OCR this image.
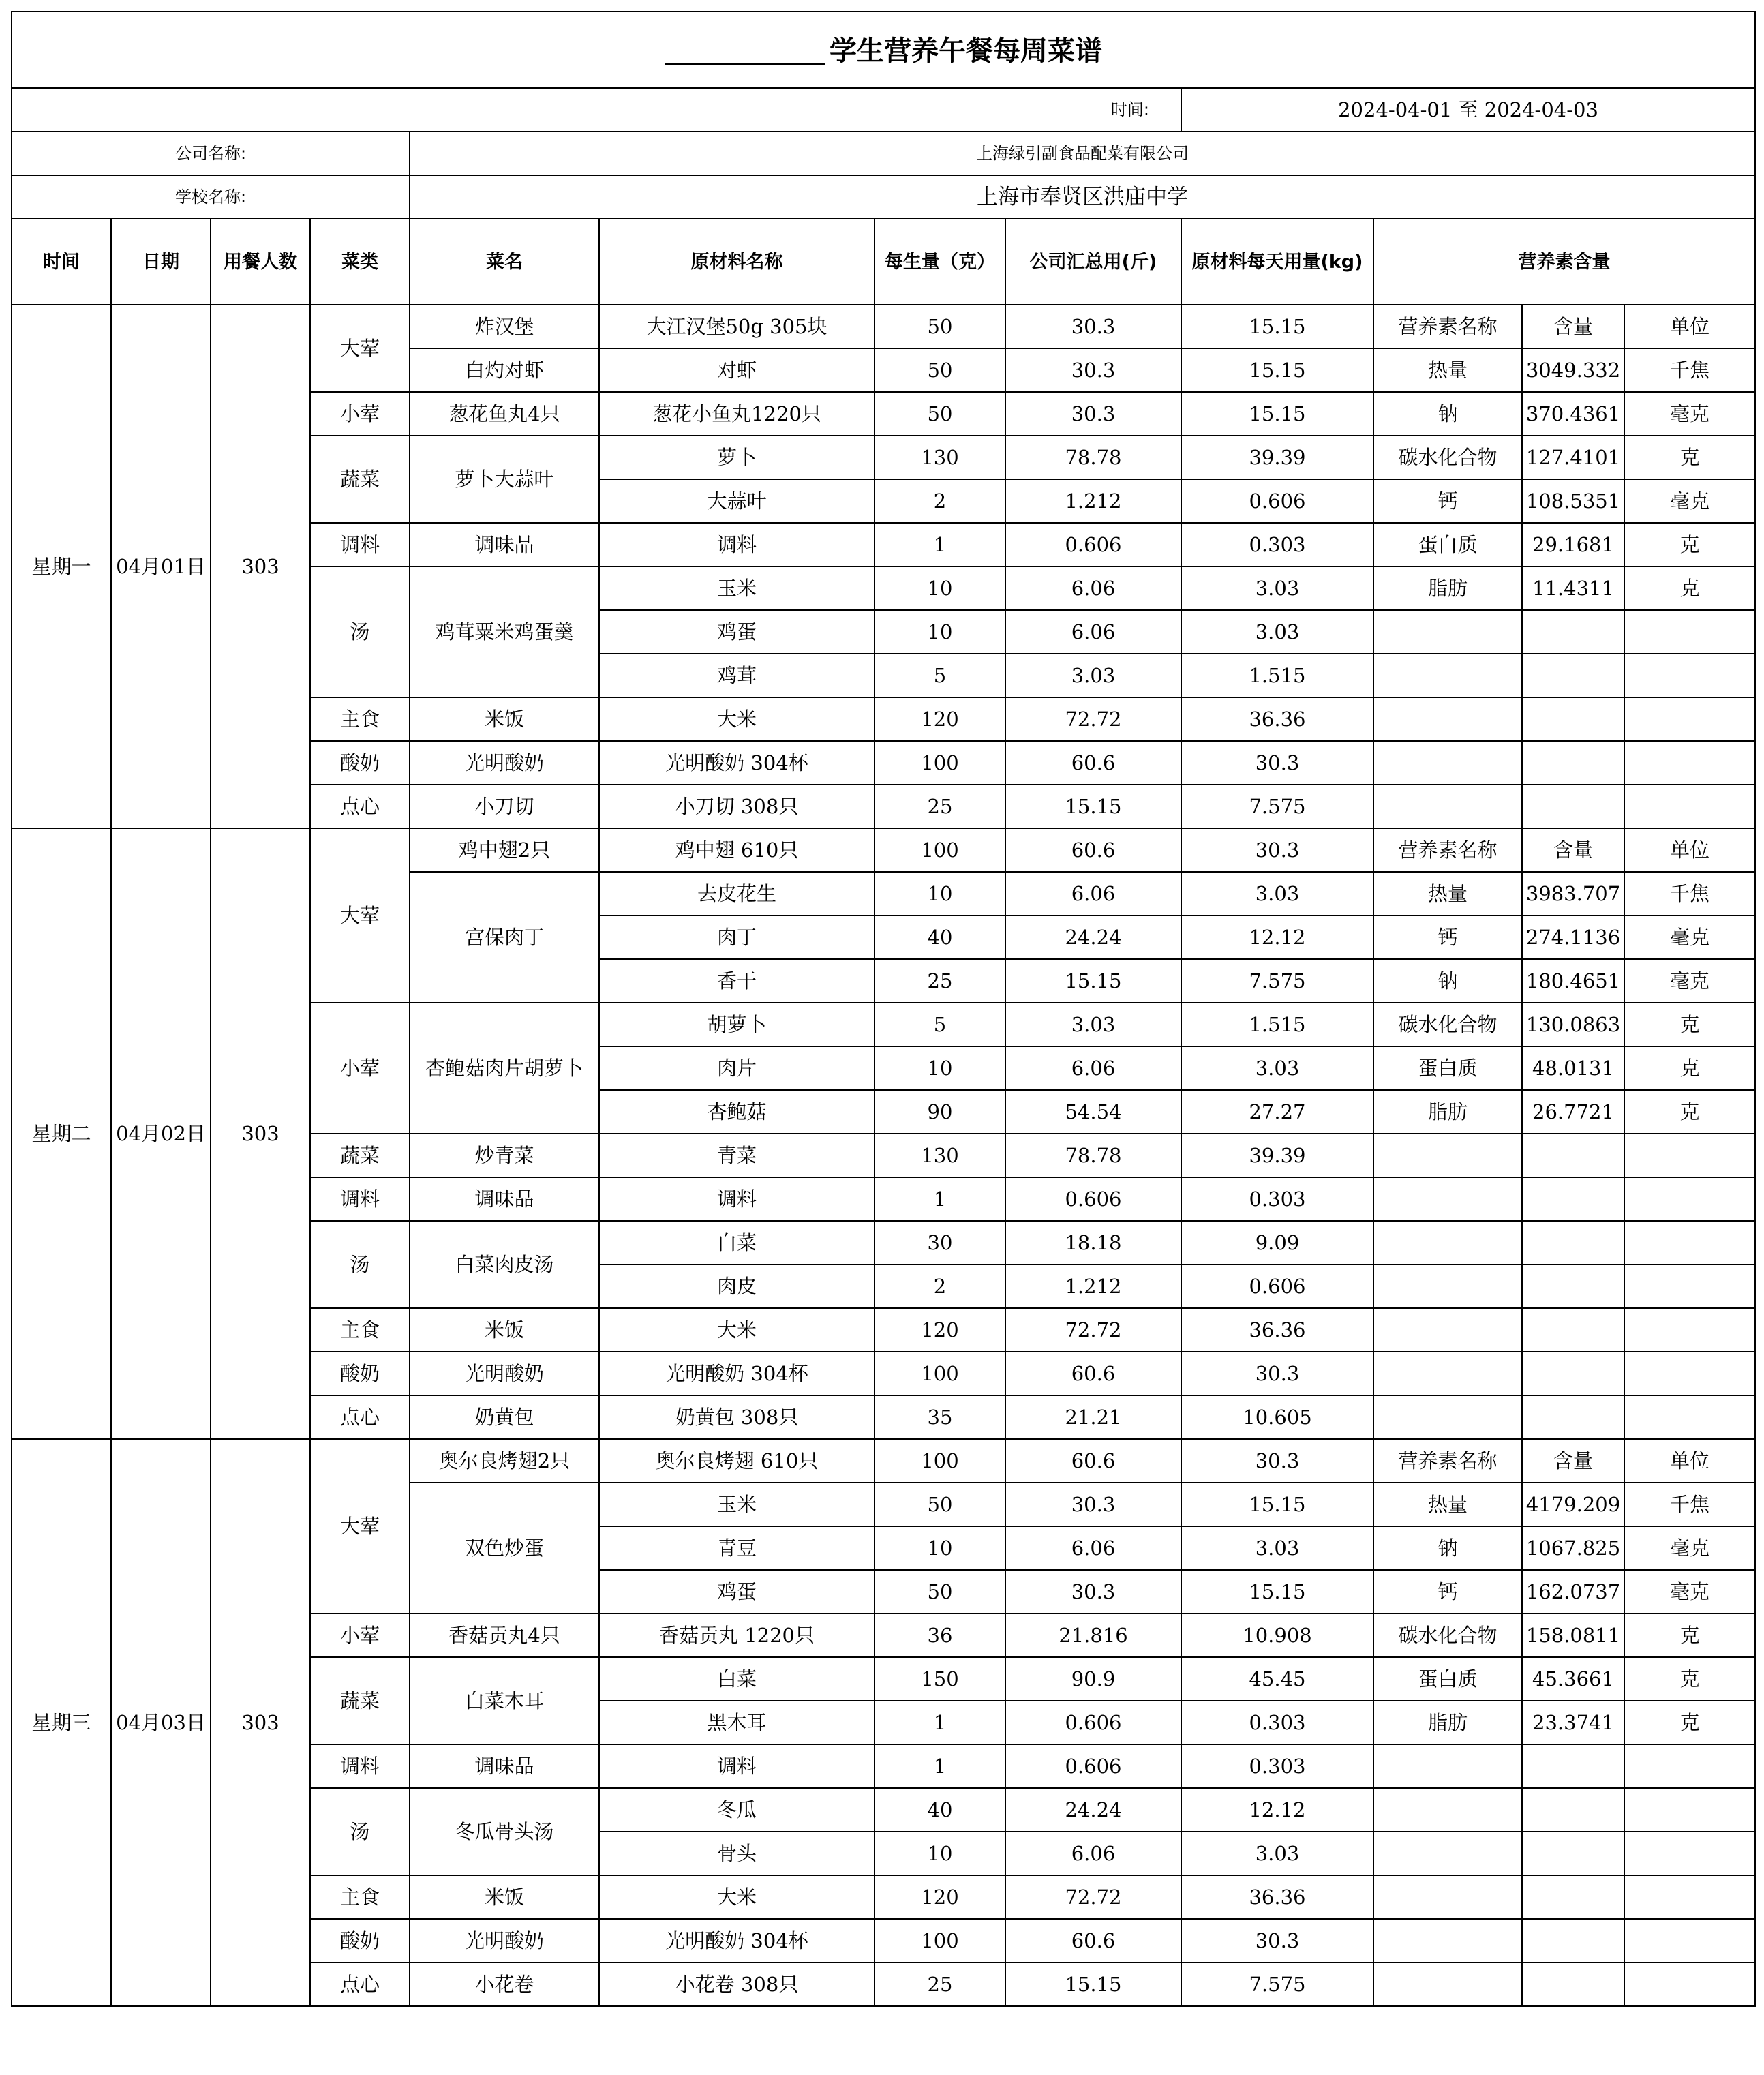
学生营养午餐每周菜谱											
时间:								2024-04-01 至 2024-04-03			
公司名称:				上海绿引副食品配菜有限公司							
学校名称:				上海市奉贤区洪庙中学							
时间	日期	用餐人数	菜类	菜名	原材料名称	每生量（克）	公司汇总用(斤)	原材料每天用量(kg)	营养素含量		
星期一	04月01日	303	大荤	炸汉堡	大江汉堡50g 305块	50	30.3	15.15	营养素名称	含量	单位
				白灼对虾	对虾	50	30.3	15.15	热量	3049.332	千焦
			小荤	葱花鱼丸4只	葱花小鱼丸1220只	50	30.3	15.15	钠	370.4361	毫克
			蔬菜	萝卜大蒜叶	萝卜	130	78.78	39.39	碳水化合物	127.4101	克
					大蒜叶	2	1.212	0.606	钙	108.5351	毫克
			调料	调味品	调料	1	0.606	0.303	蛋白质	29.1681	克
			汤	鸡茸粟米鸡蛋羹	玉米	10	6.06	3.03	脂肪	11.4311	克
					鸡蛋	10	6.06	3.03			
					鸡茸	5	3.03	1.515			
			主食	米饭	大米	120	72.72	36.36			
			酸奶	光明酸奶	光明酸奶 304杯	100	60.6	30.3			
			点心	小刀切	小刀切 308只	25	15.15	7.575			
星期二	04月02日	303	大荤	鸡中翅2只	鸡中翅 610只	100	60.6	30.3	营养素名称	含量	单位
				宫保肉丁	去皮花生	10	6.06	3.03	热量	3983.707	千焦
					肉丁	40	24.24	12.12	钙	274.1136	毫克
					香干	25	15.15	7.575	钠	180.4651	毫克
			小荤	杏鲍菇肉片胡萝卜	胡萝卜	5	3.03	1.515	碳水化合物	130.0863	克
					肉片	10	6.06	3.03	蛋白质	48.0131	克
					杏鲍菇	90	54.54	27.27	脂肪	26.7721	克
			蔬菜	炒青菜	青菜	130	78.78	39.39			
			调料	调味品	调料	1	0.606	0.303			
			汤	白菜肉皮汤	白菜	30	18.18	9.09			
					肉皮	2	1.212	0.606			
			主食	米饭	大米	120	72.72	36.36			
			酸奶	光明酸奶	光明酸奶 304杯	100	60.6	30.3			
			点心	奶黄包	奶黄包 308只	35	21.21	10.605			
星期三	04月03日	303	大荤	奥尔良烤翅2只	奥尔良烤翅 610只	100	60.6	30.3	营养素名称	含量	单位
				双色炒蛋	玉米	50	30.3	15.15	热量	4179.209	千焦
					青豆	10	6.06	3.03	钠	1067.825	毫克
					鸡蛋	50	30.3	15.15	钙	162.0737	毫克
			小荤	香菇贡丸4只	香菇贡丸 1220只	36	21.816	10.908	碳水化合物	158.0811	克
			蔬菜	白菜木耳	白菜	150	90.9	45.45	蛋白质	45.3661	克
					黑木耳	1	0.606	0.303	脂肪	23.3741	克
			调料	调味品	调料	1	0.606	0.303			
			汤	冬瓜骨头汤	冬瓜	40	24.24	12.12			
					骨头	10	6.06	3.03			
			主食	米饭	大米	120	72.72	36.36			
			酸奶	光明酸奶	光明酸奶 304杯	100	60.6	30.3			
			点心	小花卷	小花卷 308只	25	15.15	7.575			
